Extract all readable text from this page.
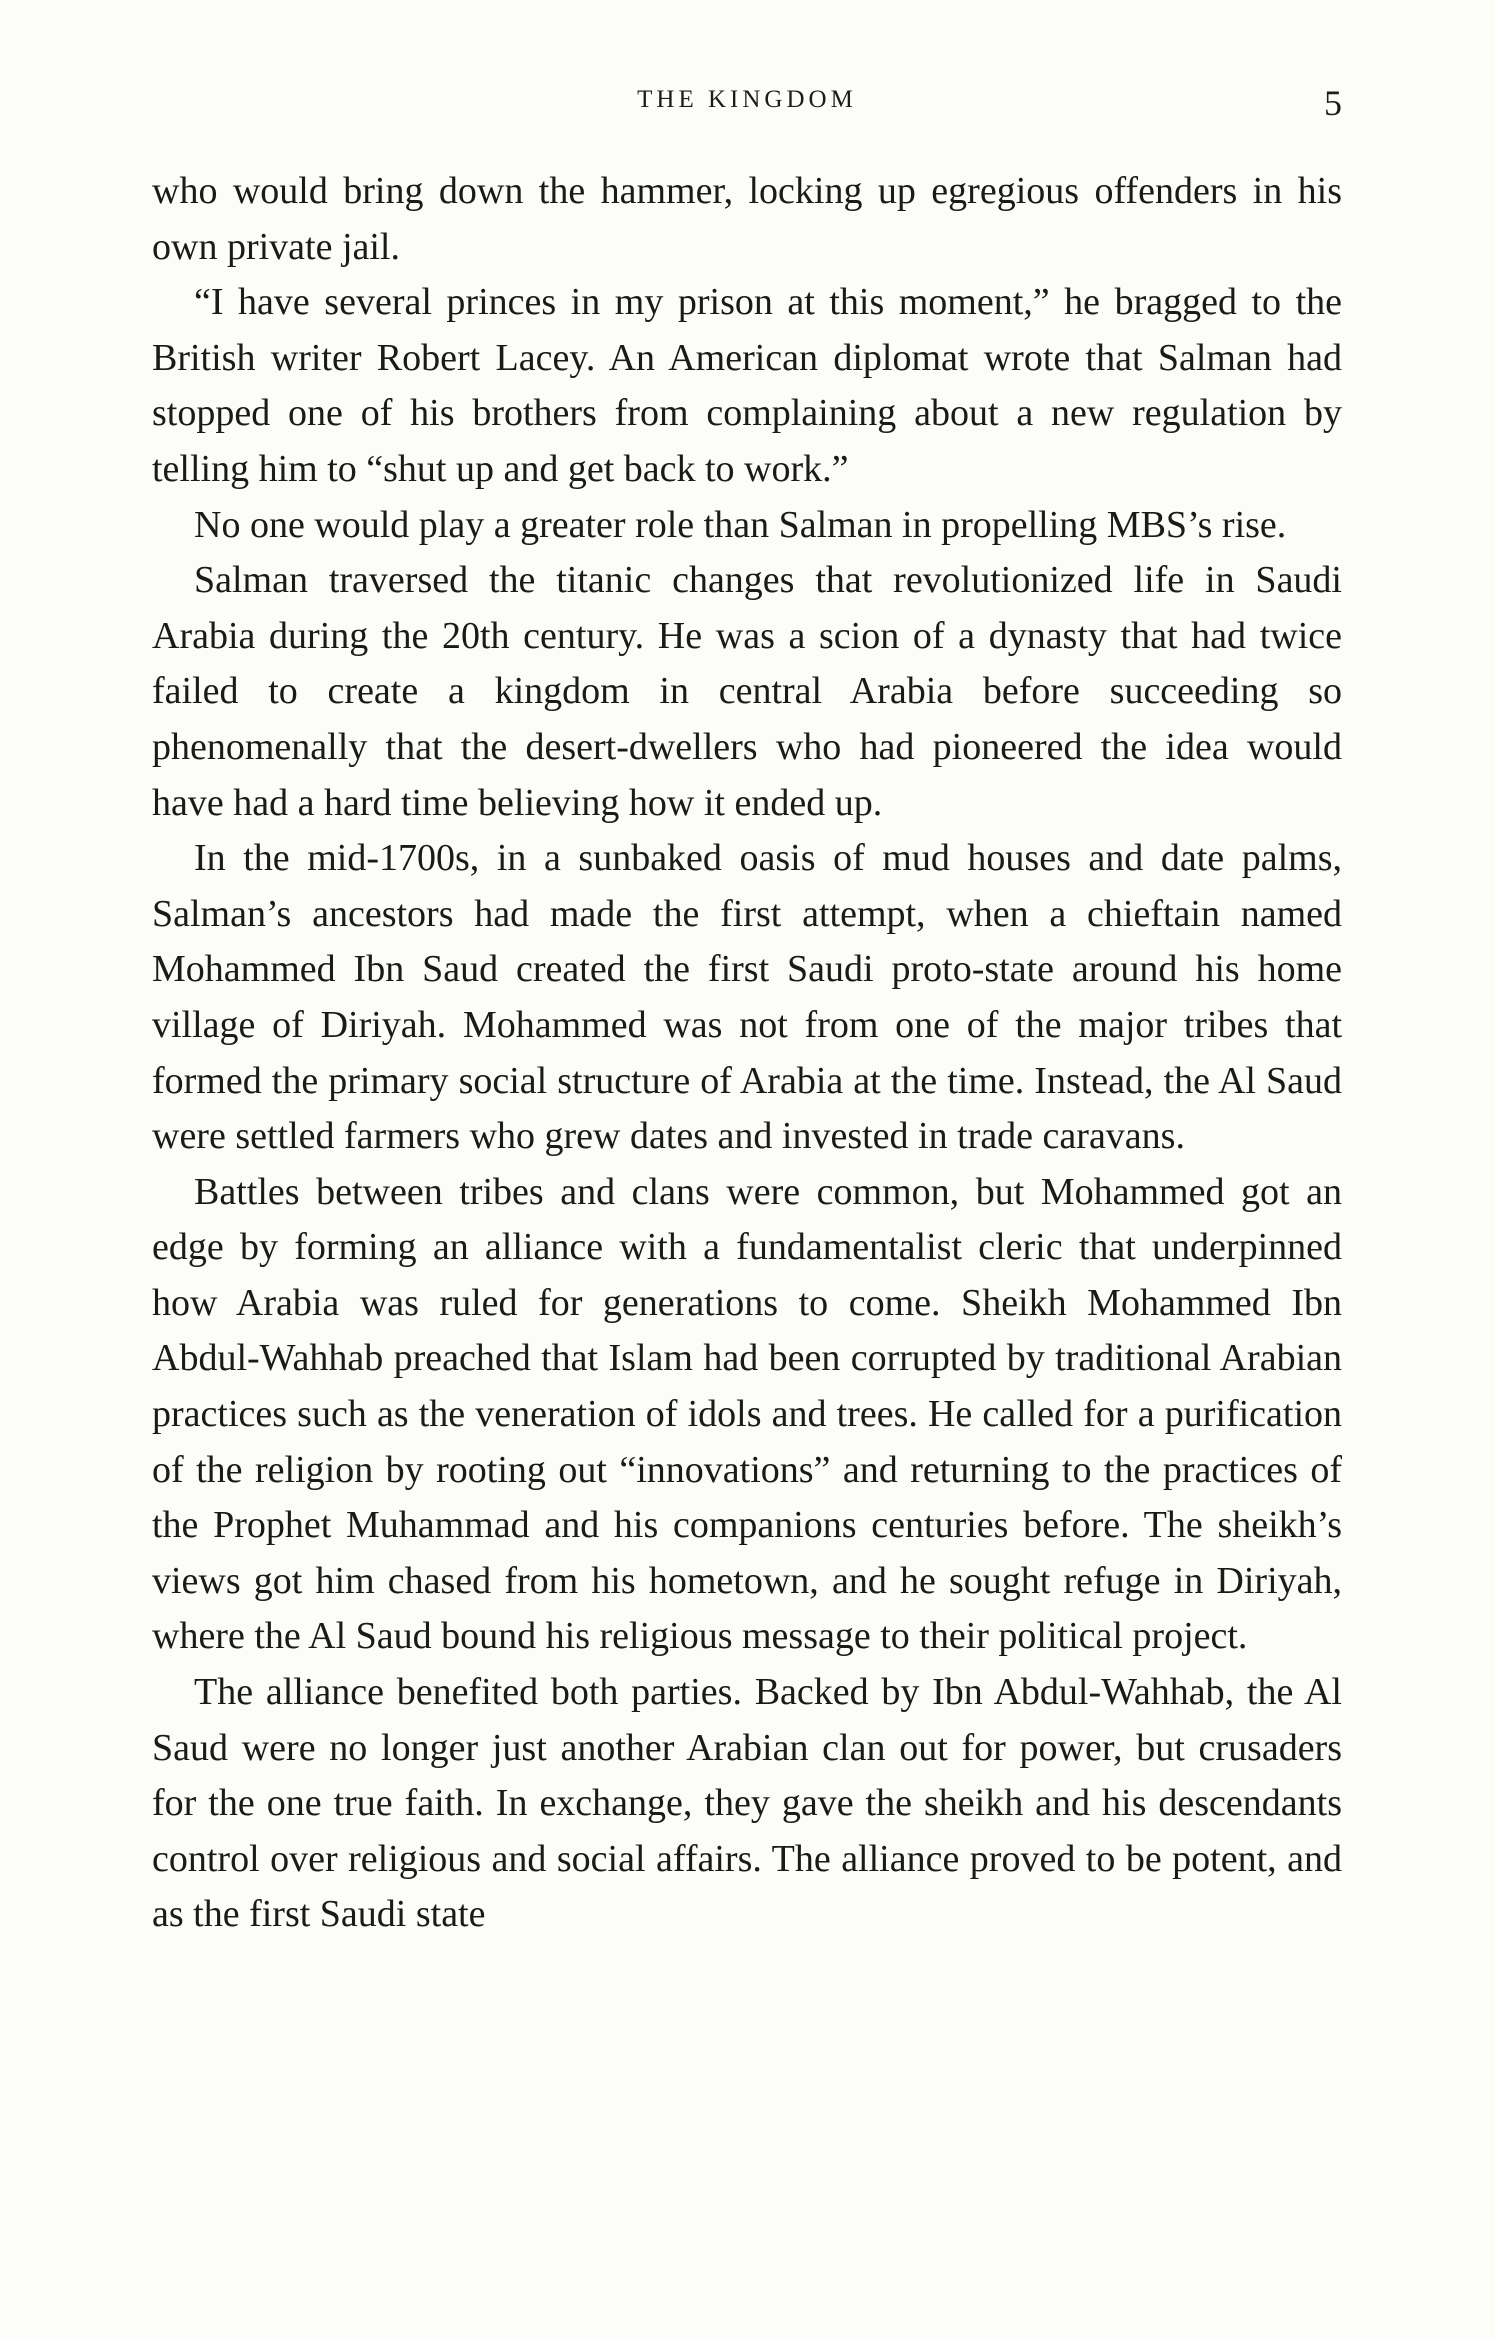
THE KINGDOM	5

who would bring down the hammer, locking up egregious offenders in his own private jail.

“I have several princes in my prison at this moment,” he bragged to the British writer Robert Lacey. An American diplomat wrote that Salman had stopped one of his brothers from complaining about a new regulation by telling him to “shut up and get back to work.”

No one would play a greater role than Salman in propelling MBS’s rise.

Salman traversed the titanic changes that revolutionized life in Saudi Arabia during the 20th century. He was a scion of a dynasty that had twice failed to create a kingdom in central Arabia before succeeding so phenomenally that the desert-dwellers who had pioneered the idea would have had a hard time believing how it ended up.

In the mid-1700s, in a sunbaked oasis of mud houses and date palms, Salman’s ancestors had made the first attempt, when a chieftain named Mohammed Ibn Saud created the first Saudi proto-state around his home village of Diriyah. Mohammed was not from one of the major tribes that formed the primary social structure of Arabia at the time. Instead, the Al Saud were settled farmers who grew dates and invested in trade caravans.

Battles between tribes and clans were common, but Mohammed got an edge by forming an alliance with a fundamentalist cleric that underpinned how Arabia was ruled for generations to come. Sheikh Mohammed Ibn Abdul-Wahhab preached that Islam had been corrupted by traditional Arabian practices such as the veneration of idols and trees. He called for a purification of the religion by rooting out “innovations” and returning to the practices of the Prophet Muhammad and his companions centuries before. The sheikh’s views got him chased from his hometown, and he sought refuge in Diriyah, where the Al Saud bound his religious message to their political project.

The alliance benefited both parties. Backed by Ibn Abdul-Wahhab, the Al Saud were no longer just another Arabian clan out for power, but crusaders for the one true faith. In exchange, they gave the sheikh and his descendants control over religious and social affairs. The alliance proved to be potent, and as the first Saudi state
